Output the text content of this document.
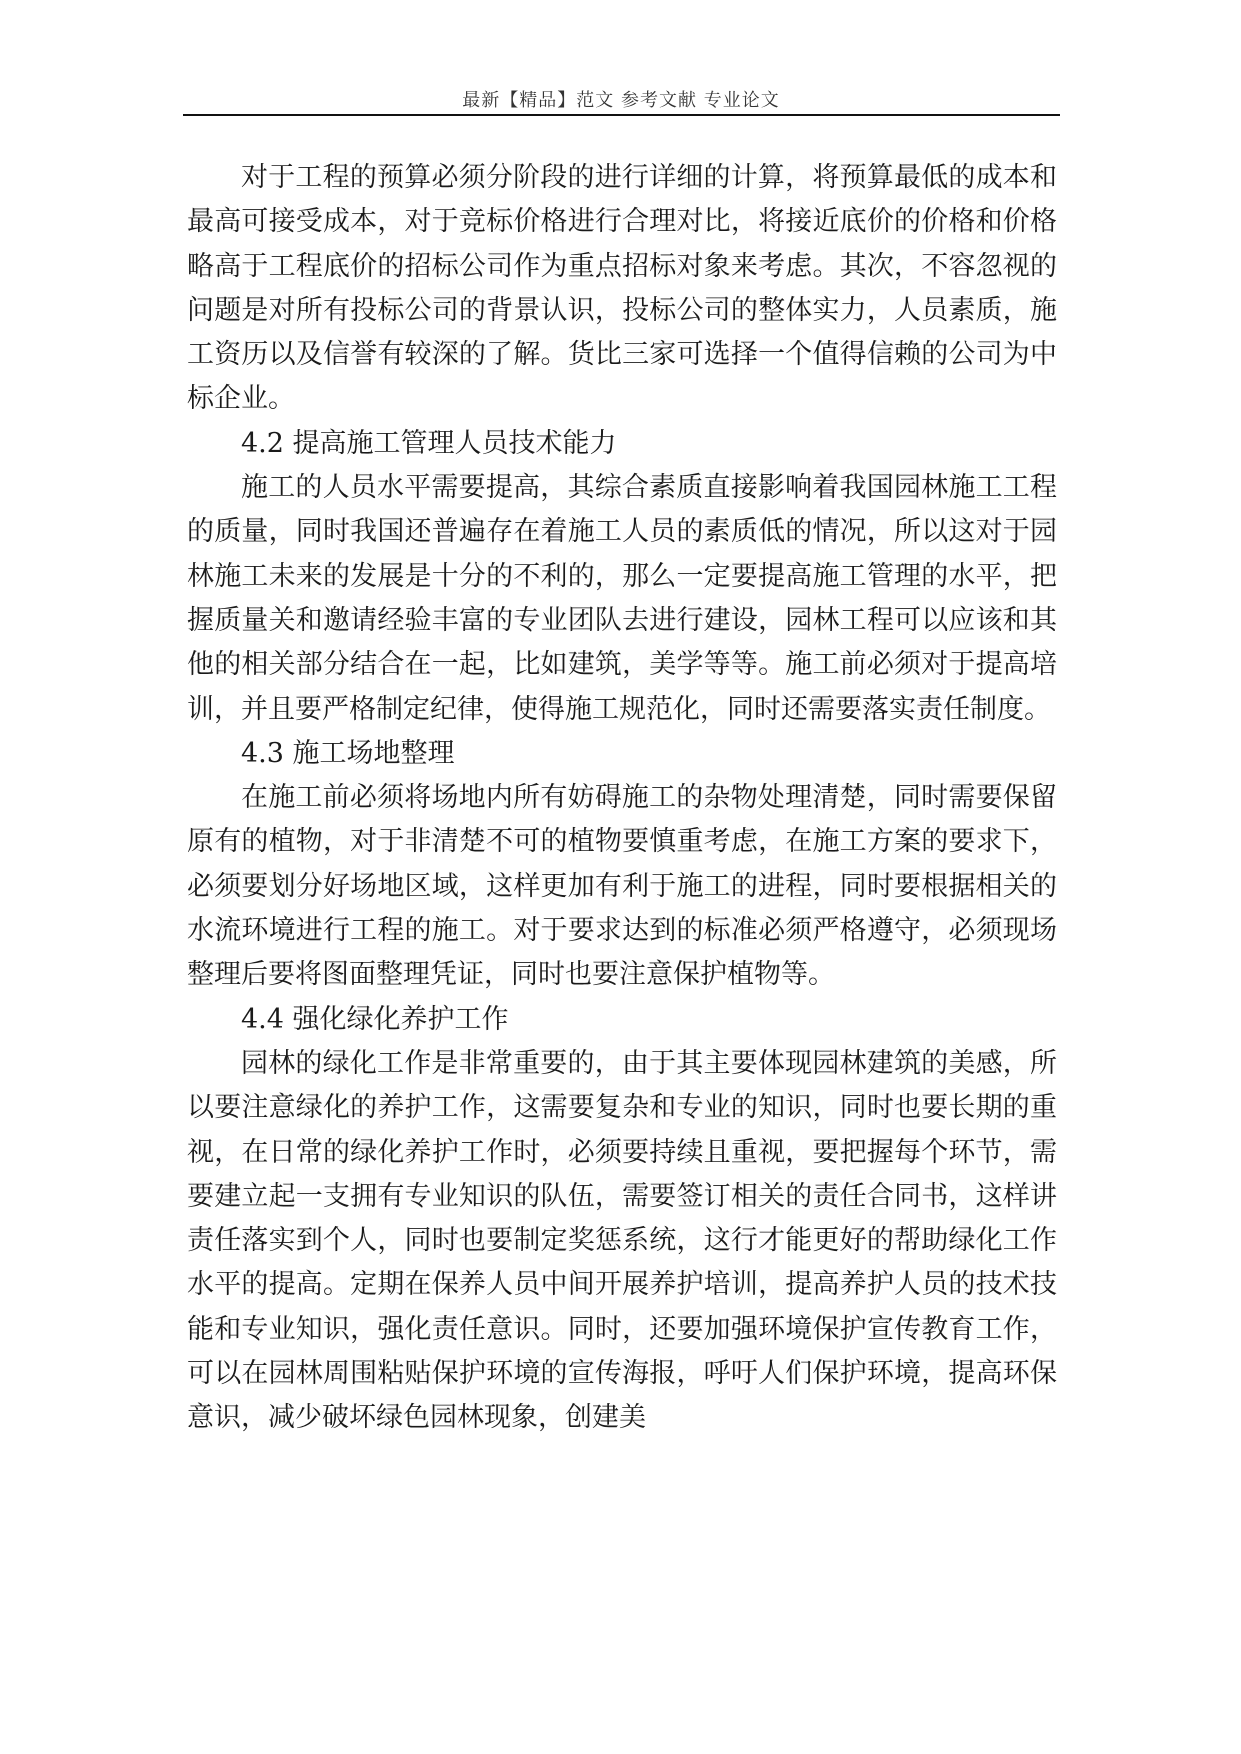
最新【精品】范文 参考文献 专业论文

对于工程的预算必须分阶段的进行详细的计算，将预算最低的成本和最高可接受成本，对于竞标价格进行合理对比，将接近底价的价格和价格略高于工程底价的招标公司作为重点招标对象来考虑。其次，不容忽视的问题是对所有投标公司的背景认识，投标公司的整体实力，人员素质，施工资历以及信誉有较深的了解。货比三家可选择一个值得信赖的公司为中标企业。

4.2 提高施工管理人员技术能力

施工的人员水平需要提高，其综合素质直接影响着我国园林施工工程的质量，同时我国还普遍存在着施工人员的素质低的情况，所以这对于园林施工未来的发展是十分的不利的，那么一定要提高施工管理的水平，把握质量关和邀请经验丰富的专业团队去进行建设，园林工程可以应该和其他的相关部分结合在一起，比如建筑，美学等等。施工前必须对于提高培训，并且要严格制定纪律，使得施工规范化，同时还需要落实责任制度。

4.3 施工场地整理

在施工前必须将场地内所有妨碍施工的杂物处理清楚，同时需要保留原有的植物，对于非清楚不可的植物要慎重考虑，在施工方案的要求下，必须要划分好场地区域，这样更加有利于施工的进程，同时要根据相关的水流环境进行工程的施工。对于要求达到的标准必须严格遵守，必须现场整理后要将图面整理凭证，同时也要注意保护植物等。

4.4 强化绿化养护工作

园林的绿化工作是非常重要的，由于其主要体现园林建筑的美感，所以要注意绿化的养护工作，这需要复杂和专业的知识，同时也要长期的重视，在日常的绿化养护工作时，必须要持续且重视，要把握每个环节，需要建立起一支拥有专业知识的队伍，需要签订相关的责任合同书，这样讲责任落实到个人，同时也要制定奖惩系统，这行才能更好的帮助绿化工作水平的提高。定期在保养人员中间开展养护培训，提高养护人员的技术技能和专业知识，强化责任意识。同时，还要加强环境保护宣传教育工作，可以在园林周围粘贴保护环境的宣传海报，呼吁人们保护环境，提高环保意识，减少破坏绿色园林现象，创建美
